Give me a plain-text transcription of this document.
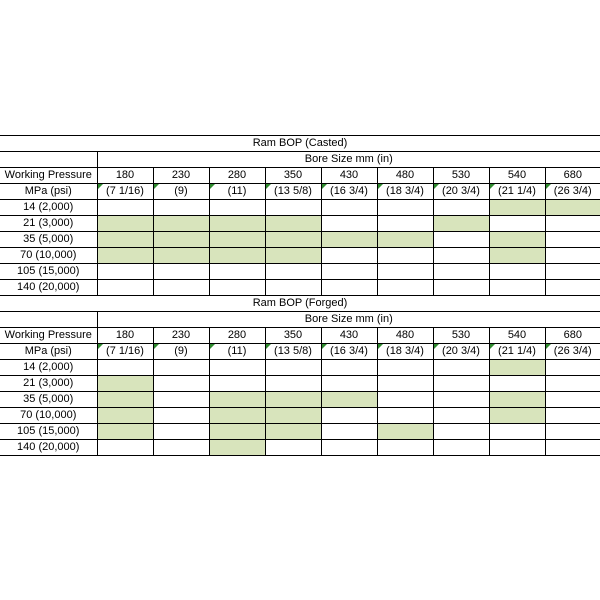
Ram BOP (Casted)									
	Bore Size mm (in)								
Working Pressure	180	230	280	350	430	480	530	540	680
MPa (psi)	(7 1/16)	(9)	(11)	(13 5/8)	(16 3/4)	(18 3/4)	(20 3/4)	(21 1/4)	(26 3/4)
14 (2,000)									
21 (3,000)									
35 (5,000)									
70 (10,000)									
105 (15,000)									
140 (20,000)									
Ram BOP (Forged)									
	Bore Size mm (in)								
Working Pressure	180	230	280	350	430	480	530	540	680
MPa (psi)	(7 1/16)	(9)	(11)	(13 5/8)	(16 3/4)	(18 3/4)	(20 3/4)	(21 1/4)	(26 3/4)
14 (2,000)									
21 (3,000)									
35 (5,000)									
70 (10,000)									
105 (15,000)									
140 (20,000)									
